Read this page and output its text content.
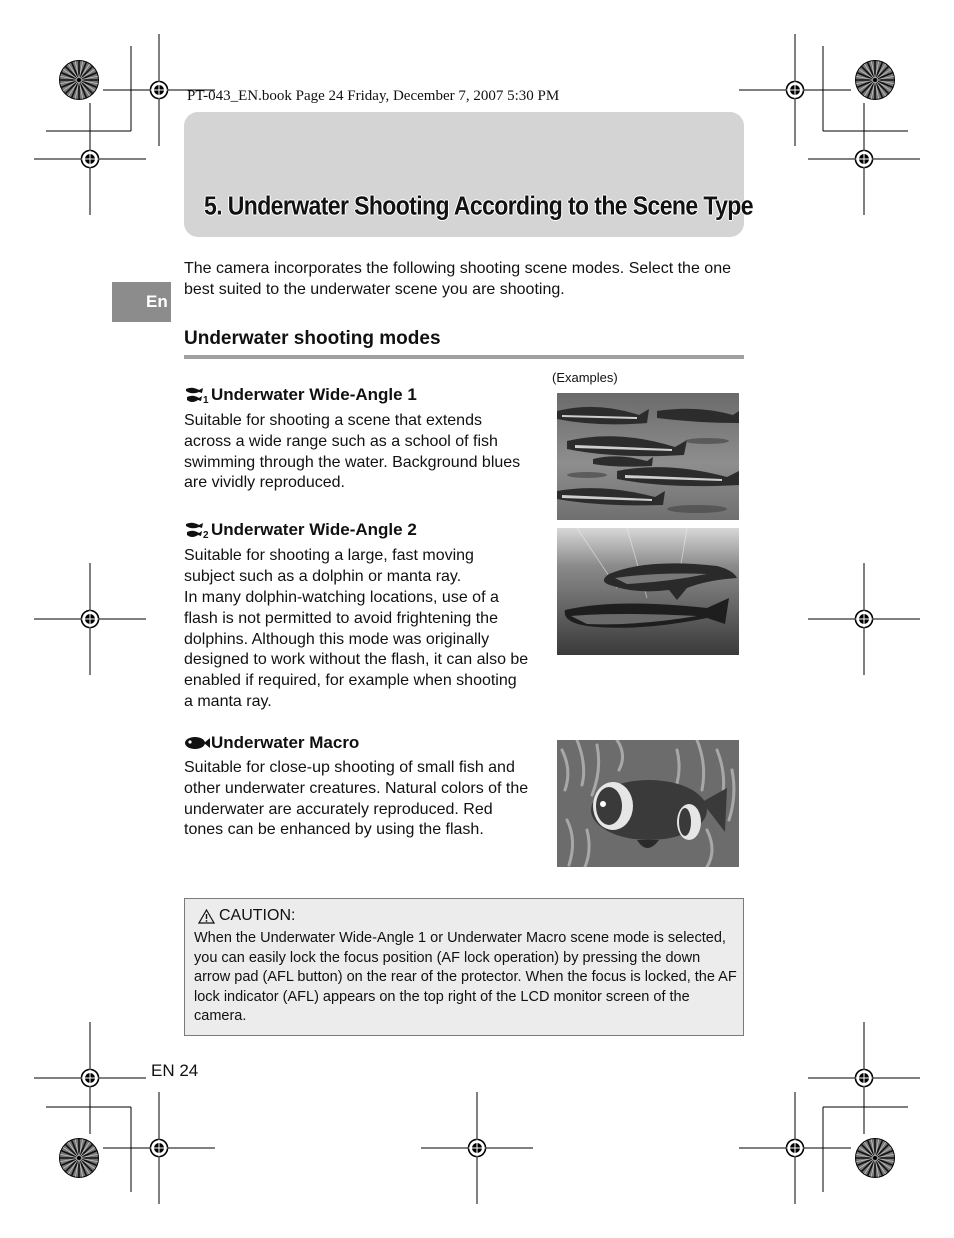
PT-043_EN.book Page 24 Friday, December 7, 2007 5:30 PM
5. Underwater Shooting According to the Scene Type
En
The camera incorporates the following shooting scene modes. Select the one best suited to the underwater scene you are shooting.
Underwater shooting modes
(Examples)
1 Underwater Wide-Angle 1
Suitable for shooting a scene that extends across a wide range such as a school of fish swimming through the water. Background blues are vividly reproduced.
2 Underwater Wide-Angle 2
Suitable for shooting a large, fast moving subject such as a dolphin or manta ray.
In many dolphin-watching locations, use of a flash is not permitted to avoid frightening the dolphins. Although this mode was originally designed to work without the flash, it can also be enabled if required, for example when shooting a manta ray.
Underwater Macro
Suitable for close-up shooting of small fish and other underwater creatures. Natural colors of the underwater are accurately reproduced. Red tones can be enhanced by using the flash.
CAUTION:
When the Underwater Wide-Angle 1 or Underwater Macro scene mode is selected, you can easily lock the focus position (AF lock operation) by pressing the down arrow pad (AFL button) on the rear of the protector. When the focus is locked, the AF lock indicator (AFL) appears on the top right of the LCD monitor screen of the camera.
EN 24
